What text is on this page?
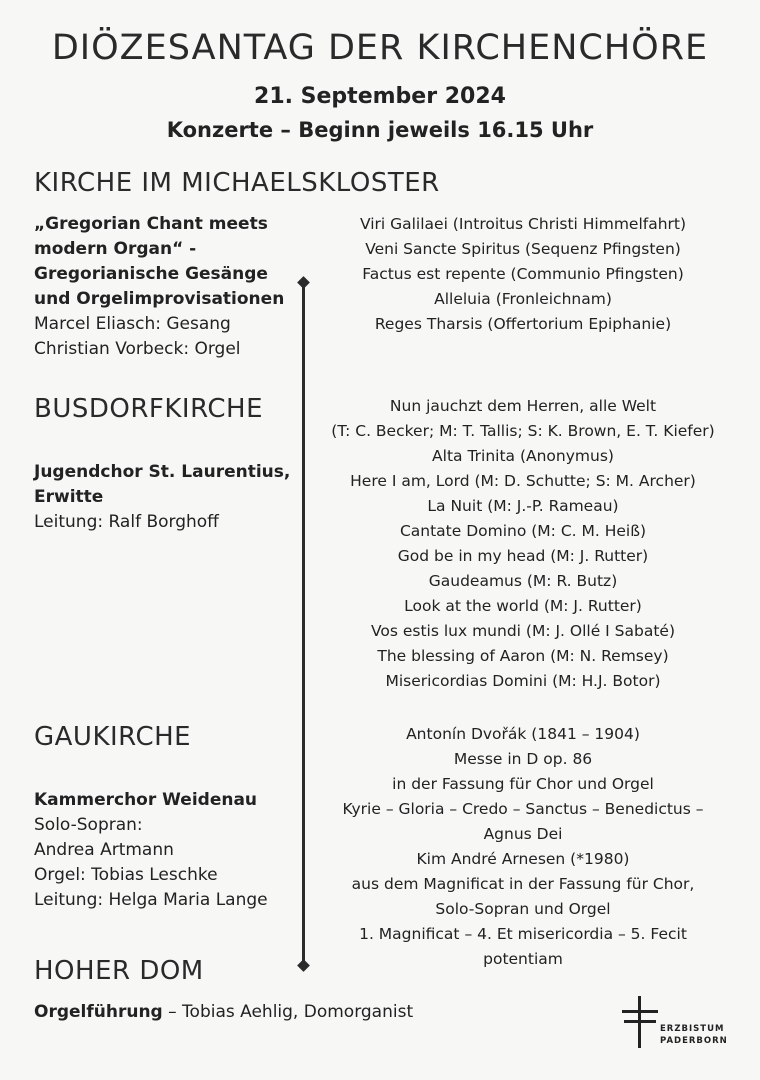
DIÖZESANTAG DER KIRCHENCHÖRE
21. September 2024
Konzerte – Beginn jeweils 16.15 Uhr
KIRCHE IM MICHAELSKLOSTER
„Gregorian Chant meets
modern Organ“ -
Gregorianische Gesänge
und Orgelimprovisationen
Marcel Eliasch: Gesang
Christian Vorbeck: Orgel
Viri Galilaei (Introitus Christi Himmelfahrt)
Veni Sancte Spiritus (Sequenz Pfingsten)
Factus est repente (Communio Pfingsten)
Alleluia (Fronleichnam)
Reges Tharsis (Offertorium Epiphanie)
BUSDORFKIRCHE
Jugendchor St. Laurentius,
Erwitte
Leitung: Ralf Borghoff
Nun jauchzt dem Herren, alle Welt
(T: C. Becker; M: T. Tallis; S: K. Brown, E. T. Kiefer)
Alta Trinita (Anonymus)
Here I am, Lord (M: D. Schutte; S: M. Archer)
La Nuit (M: J.-P. Rameau)
Cantate Domino (M: C. M. Heiß)
God be in my head (M: J. Rutter)
Gaudeamus (M: R. Butz)
Look at the world (M: J. Rutter)
Vos estis lux mundi (M: J. Ollé I Sabaté)
The blessing of Aaron (M: N. Remsey)
Misericordias Domini (M: H.J. Botor)
GAUKIRCHE
Kammerchor Weidenau
Solo-Sopran:
Andrea Artmann
Orgel: Tobias Leschke
Leitung: Helga Maria Lange
Antonín Dvořák (1841 – 1904)
Messe in D op. 86
in der Fassung für Chor und Orgel
Kyrie – Gloria – Credo – Sanctus – Benedictus –
Agnus Dei
Kim André Arnesen (*1980)
aus dem Magnificat in der Fassung für Chor,
Solo-Sopran und Orgel
1. Magnificat – 4. Et misericordia – 5. Fecit
potentiam
HOHER DOM
Orgelführung – Tobias Aehlig, Domorganist
ERZBISTUM
PADERBORN
